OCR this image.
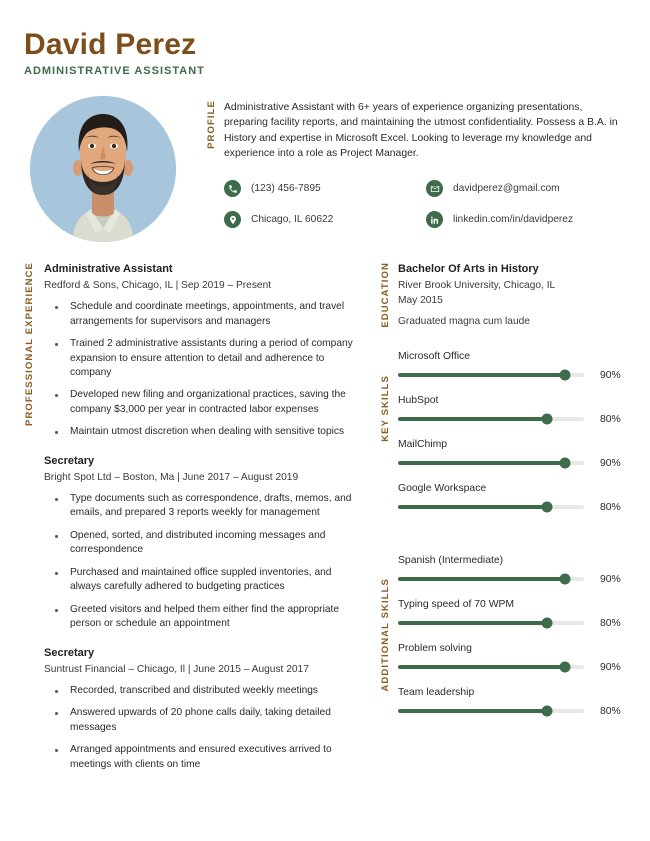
David Perez
ADMINISTRATIVE ASSISTANT
PROFILE Administrative Assistant with 6+ years of experience organizing presentations, preparing facility reports, and maintaining the utmost confidentiality. Possess a B.A. in History and expertise in Microsoft Excel. Looking to leverage my knowledge and experience into a role as Project Manager.
(123) 456-7895	davidperez@gmail.com
Chicago, IL 60622	linkedin.com/in/davidperez
PROFESSIONAL EXPERIENCE Administrative Assistant
Redford & Sons, Chicago, IL | Sep 2019 – Present
Schedule and coordinate meetings, appointments, and travel arrangements for supervisors and managers
Trained 2 administrative assistants during a period of company expansion to ensure attention to detail and adherence to company
Developed new filing and organizational practices, saving the company $3,000 per year in contracted labor expenses
Maintain utmost discretion when dealing with sensitive topics
Secretary
Bright Spot Ltd – Boston, Ma | June 2017 – August 2019
Type documents such as correspondence, drafts, memos, and emails, and prepared 3 reports weekly for management
Opened, sorted, and distributed incoming messages and correspondence
Purchased and maintained office suppled inventories, and always carefully adhered to budgeting practices
Greeted visitors and helped them either find the appropriate person or schedule an appointment
Secretary
Suntrust Financial – Chicago, Il | June 2015 – August 2017
Recorded, transcribed and distributed weekly meetings
Answered upwards of 20 phone calls daily, taking detailed messages
Arranged appointments and ensured executives arrived to meetings with clients on time
EDUCATION
KEY SKILLS
ADDITIONAL SKILLS
Bachelor Of Arts in History
River Brook University, Chicago, IL
May 2015
Graduated magna cum laude
Microsoft Office
90%
HubSpot
80%
MailChimp
90%
Google Workspace
80%
Spanish (Intermediate)
90%
Typing speed of 70 WPM
80%
Problem solving
90%
Team leadership
80%
